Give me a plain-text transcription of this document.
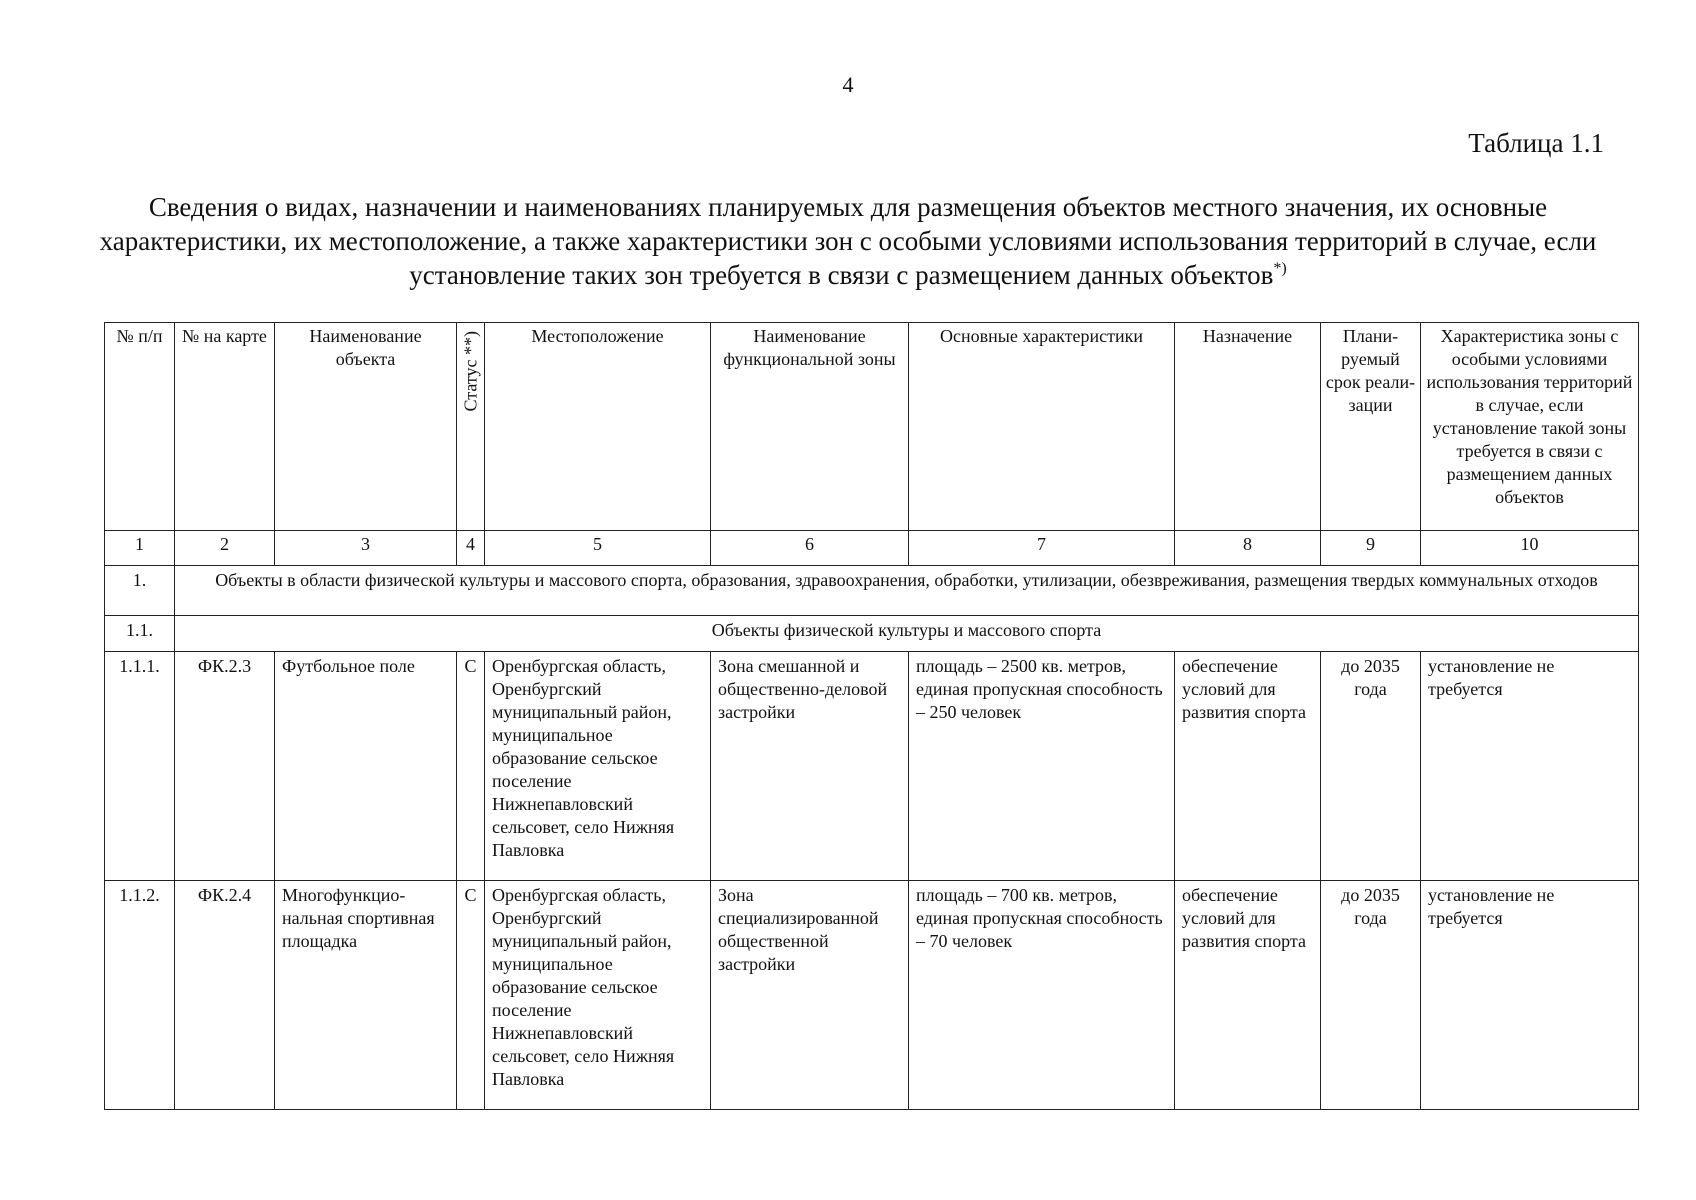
4
Таблица 1.1
Сведения о видах, назначении и наименованиях планируемых для размещения объектов местного значения, их основные характеристики, их местоположение, а также характеристики зон с особыми условиями использования территорий в случае, если установление таких зон требуется в связи с размещением данных объектов*)
№ п/п	№ на карте	Наименование объекта	Статус **)	Местоположение	Наименование функциональной зоны	Основные характеристики	Назначение	Плани- руемый срок реали- зации	Характеристика зоны с особыми условиями использования территорий в случае, если установление такой зоны требуется в связи с размещением данных объектов
1	2	3	4	5	6	7	8	9	10
1.	Объекты в области физической культуры и массового спорта, образования, здравоохранения, обработки, утилизации, обезвреживания, размещения твердых коммунальных отходов								
1.1.	Объекты физической культуры и массового спорта								
1.1.1.	ФК.2.3	Футбольное поле	С	Оренбургская область, Оренбургский муниципальный район, муниципальное образование сельское поселение Нижнепавловский сельсовет, село Нижняя Павловка	Зона смешанной и общественно-деловой застройки	площадь – 2500 кв. метров, единая пропускная способность – 250 человек	обеспечение условий для развития спорта	до 2035 года	установление не требуется
1.1.2.	ФК.2.4	Многофункцио-нальная спортивная площадка	С	Оренбургская область, Оренбургский муниципальный район, муниципальное образование сельское поселение Нижнепавловский сельсовет, село Нижняя Павловка	Зона специализированной общественной застройки	площадь – 700 кв. метров, единая пропускная способность – 70 человек	обеспечение условий для развития спорта	до 2035 года	установление не требуется
